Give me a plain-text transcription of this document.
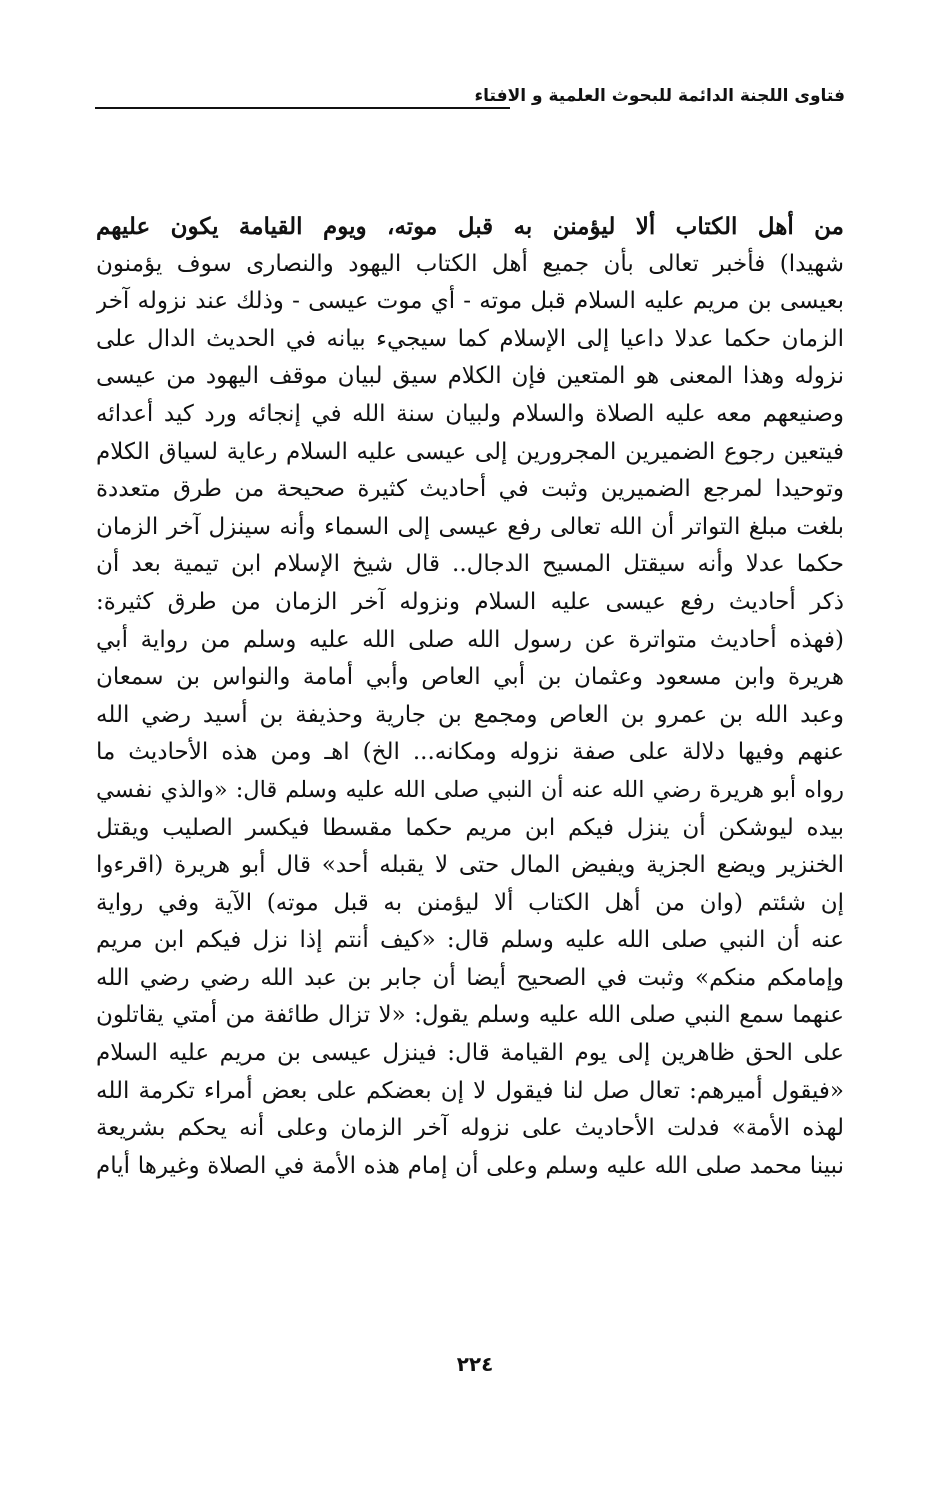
فتاوى اللجنة الدائمة للبحوث العلمية و الافتاء
من أهل الكتاب ألا ليؤمنن به قبل موته، ويوم القيامة يكون عليهم
شهيدا) فأخبر تعالى بأن جميع أهل الكتاب اليهود والنصارى سوف يؤمنون
بعيسى بن مريم عليه السلام قبل موته - أي موت عيسى - وذلك عند نزوله آخر
الزمان حكما عدلا داعيا إلى الإسلام كما سيجيء بيانه في الحديث الدال على
نزوله وهذا المعنى هو المتعين فإن الكلام سيق لبيان موقف اليهود من عيسى
وصنيعهم معه عليه الصلاة والسلام ولبيان سنة الله في إنجائه ورد كيد أعدائه
فيتعين رجوع الضميرين المجرورين إلى عيسى عليه السلام رعاية لسياق الكلام
وتوحيدا لمرجع الضميرين وثبت في أحاديث كثيرة صحيحة من طرق متعددة
بلغت مبلغ التواتر أن الله تعالى رفع عيسى إلى السماء وأنه سينزل آخر الزمان
حكما عدلا وأنه سيقتل المسيح الدجال.. قال شيخ الإسلام ابن تيمية بعد أن
ذكر أحاديث رفع عيسى عليه السلام ونزوله آخر الزمان من طرق كثيرة:
(فهذه أحاديث متواترة عن رسول الله صلى الله عليه وسلم من رواية أبي
هريرة وابن مسعود وعثمان بن أبي العاص وأبي أمامة والنواس بن سمعان
وعبد الله بن عمرو بن العاص ومجمع بن جارية وحذيفة بن أسيد رضي الله
عنهم وفيها دلالة على صفة نزوله ومكانه... الخ) اهـ ومن هذه الأحاديث ما
رواه أبو هريرة رضي الله عنه أن النبي صلى الله عليه وسلم قال: «والذي نفسي
بيده ليوشكن أن ينزل فيكم ابن مريم حكما مقسطا فيكسر الصليب ويقتل
الخنزير ويضع الجزية ويفيض المال حتى لا يقبله أحد» قال أبو هريرة (اقرءوا
إن شئتم (وان من أهل الكتاب ألا ليؤمنن به قبل موته) الآية وفي رواية
عنه أن النبي صلى الله عليه وسلم قال: «كيف أنتم إذا نزل فيكم ابن مريم
وإمامكم منكم» وثبت في الصحيح أيضا أن جابر بن عبد الله رضي رضي الله
عنهما سمع النبي صلى الله عليه وسلم يقول: «لا تزال طائفة من أمتي يقاتلون
على الحق ظاهرين إلى يوم القيامة قال: فينزل عيسى بن مريم عليه السلام
«فيقول أميرهم: تعال صل لنا فيقول لا إن بعضكم على بعض أمراء تكرمة الله
لهذه الأمة» فدلت الأحاديث على نزوله آخر الزمان وعلى أنه يحكم بشريعة
نبينا محمد صلى الله عليه وسلم وعلى أن إمام هذه الأمة في الصلاة وغيرها أيام
٢٢٤
